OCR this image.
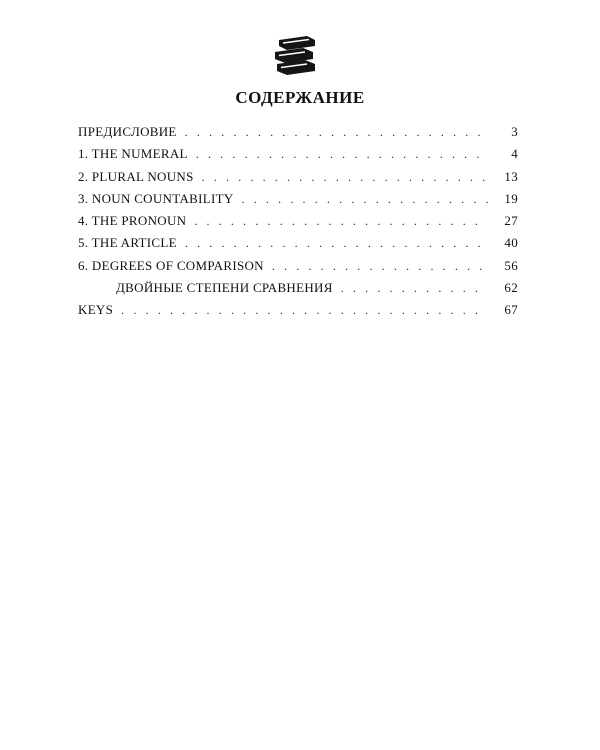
СОДЕРЖАНИЕ
ПРЕДИСЛОВИЕ . . .	3
1. THE NUMERAL . . .	4
2. PLURAL NOUNS . . .	13
3. NOUN COUNTABILITY . . .	19
4. THE PRONOUN . . .	27
5. THE ARTICLE . . .	40
6. DEGREES OF COMPARISON . . .	56
ДВОЙНЫЕ СТЕПЕНИ СРАВНЕНИЯ . . .	62
KEYS . . .	67
